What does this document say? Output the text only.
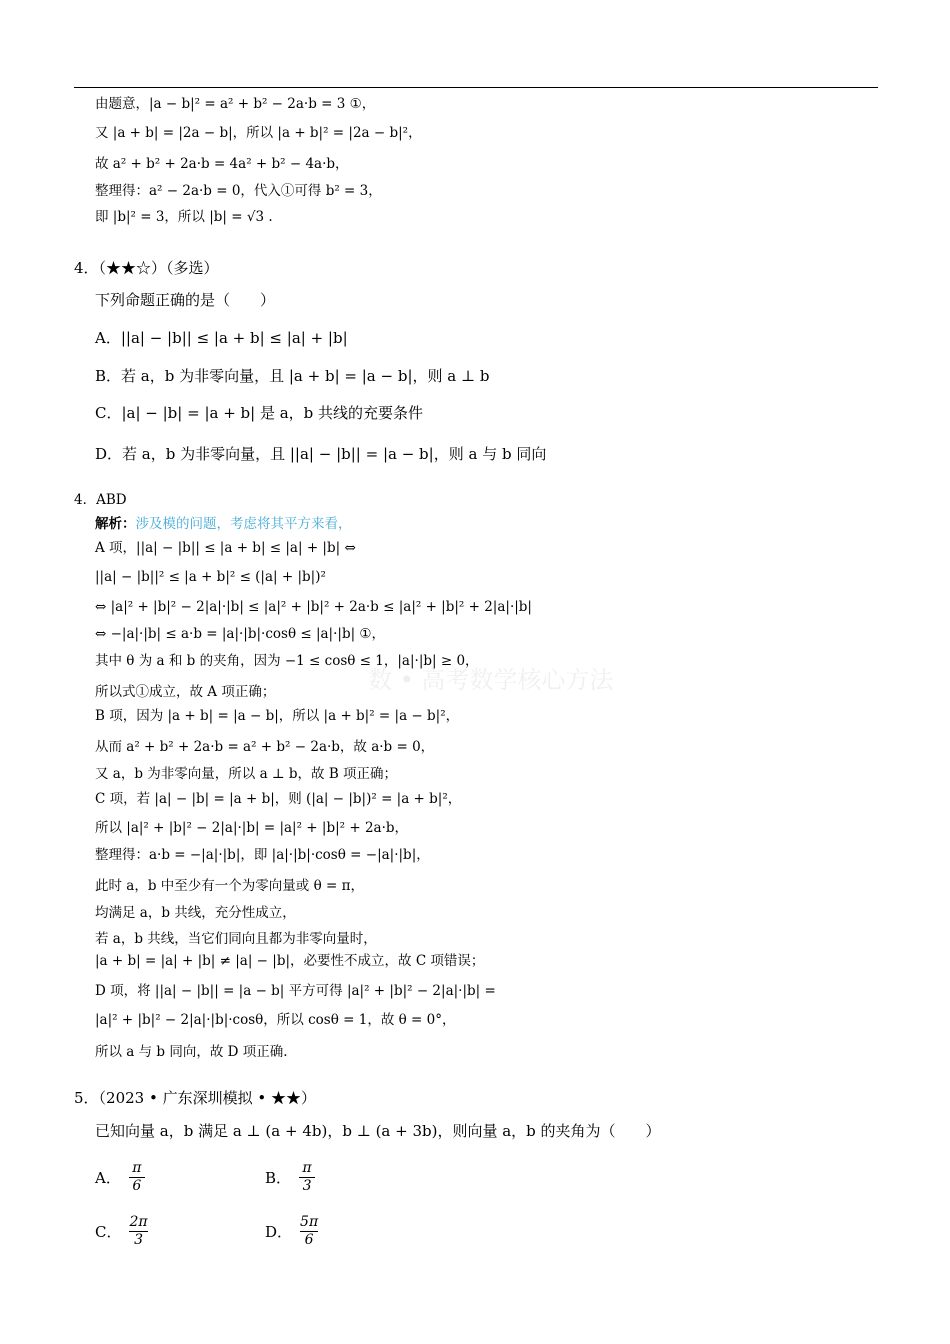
由题意，|a − b|² = a² + b² − 2a·b = 3 ①，
又 |a + b| = |2a − b|，所以 |a + b|² = |2a − b|²，
故 a² + b² + 2a·b = 4a² + b² − 4a·b，
整理得：a² − 2a·b = 0，代入①可得 b² = 3，
即 |b|² = 3，所以 |b| = √3 .
4．（★★☆）（多选）
下列命题正确的是（　　）
A．||a| − |b|| ≤ |a + b| ≤ |a| + |b|
B．若 a，b 为非零向量，且 |a + b| = |a − b|，则 a ⊥ b
C．|a| − |b| = |a + b| 是 a，b 共线的充要条件
D．若 a，b 为非零向量，且 ||a| − |b|| = |a − b|，则 a 与 b 同向
4．ABD
解析：涉及模的问题，考虑将其平方来看，
A 项，||a| − |b|| ≤ |a + b| ≤ |a| + |b| ⇔
||a| − |b||² ≤ |a + b|² ≤ (|a| + |b|)²
⇔ |a|² + |b|² − 2|a|·|b| ≤ |a|² + |b|² + 2a·b ≤ |a|² + |b|² + 2|a|·|b|
⇔ −|a|·|b| ≤ a·b = |a|·|b|·cosθ ≤ |a|·|b| ①，
其中 θ 为 a 和 b 的夹角，因为 −1 ≤ cosθ ≤ 1，|a|·|b| ≥ 0，
所以式①成立，故 A 项正确；
B 项，因为 |a + b| = |a − b|，所以 |a + b|² = |a − b|²，
从而 a² + b² + 2a·b = a² + b² − 2a·b，故 a·b = 0，
又 a，b 为非零向量，所以 a ⊥ b，故 B 项正确；
C 项，若 |a| − |b| = |a + b|，则 (|a| − |b|)² = |a + b|²，
所以 |a|² + |b|² − 2|a|·|b| = |a|² + |b|² + 2a·b，
整理得：a·b = −|a|·|b|，即 |a|·|b|·cosθ = −|a|·|b|，
此时 a，b 中至少有一个为零向量或 θ = π，
均满足 a，b 共线，充分性成立，
若 a，b 共线，当它们同向且都为非零向量时，
|a + b| = |a| + |b| ≠ |a| − |b|，必要性不成立，故 C 项错误；
D 项，将 ||a| − |b|| = |a − b| 平方可得 |a|² + |b|² − 2|a|·|b| =
|a|² + |b|² − 2|a|·|b|·cosθ，所以 cosθ = 1，故 θ = 0°，
所以 a 与 b 同向，故 D 项正确.
5．（2023 • 广东深圳模拟 • ★★）
已知向量 a，b 满足 a ⊥ (a + 4b)，b ⊥ (a + 3b)，则向量 a，b 的夹角为（　　）
A． $\frac{\pi}{6}$	B． $\frac{\pi}{3}$
C． $\frac{2\pi}{3}$	D． $\frac{5\pi}{6}$
数 • 高考数学核心方法
